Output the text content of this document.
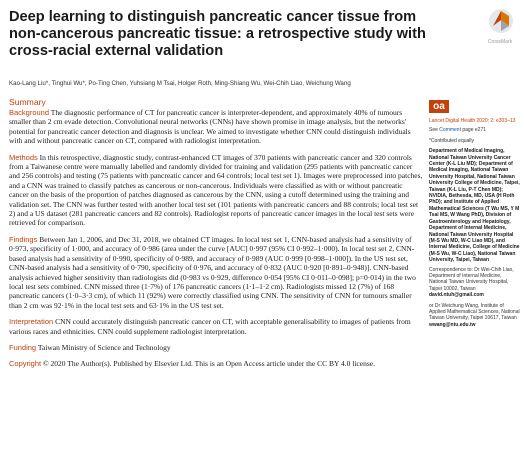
Deep learning to distinguish pancreatic cancer tissue from non-cancerous pancreatic tissue: a retrospective study with cross-racial external validation
CrossMark
Kao-Lang Liu*, Tinghui Wu*, Po-Ting Chen, Yuhsiang M Tsai, Holger Roth, Ming-Shiang Wu, Wei-Chih Liao, Weichung Wang
Summary

Background The diagnostic performance of CT for pancreatic cancer is interpreter-dependent, and approximately 40% of tumours smaller than 2 cm evade detection. Convolutional neural networks (CNNs) have shown promise in image analysis, but the networks' potential for pancreatic cancer detection and diagnosis is unclear. We aimed to investigate whether CNN could distinguish individuals with and without pancreatic cancer on CT, compared with radiologist interpretation.

Methods In this retrospective, diagnostic study, contrast-enhanced CT images of 370 patients with pancreatic cancer and 320 controls from a Taiwanese centre were manually labelled and randomly divided for training and validation (295 patients with pancreatic cancer and 256 controls) and testing (75 patients with pancreatic cancer and 64 controls; local test set 1). Images were preprocessed into patches, and a CNN was trained to classify patches as cancerous or non-cancerous. Individuals were classified as with or without pancreatic cancer on the basis of the proportion of patches diagnosed as cancerous by the CNN, using a cutoff determined using the training and validation set. The CNN was further tested with another local test set (101 patients with pancreatic cancers and 88 controls; local test set 2) and a US dataset (281 pancreatic cancers and 82 controls). Radiologist reports of pancreatic cancer images in the local test sets were retrieved for comparison.

Findings Between Jan 1, 2006, and Dec 31, 2018, we obtained CT images. In local test set 1, CNN-based analysis had a sensitivity of 0·973, specificity of 1·000, and accuracy of 0·986 (area under the curve [AUC] 0·997 (95% CI 0·992–1·000). In local test set 2, CNN-based analysis had a sensitivity of 0·990, specificity of 0·989, and accuracy of 0·989 (AUC 0·999 [0·998–1·000]). In the US test set, CNN-based analysis had a sensitivity of 0·790, specificity of 0·976, and accuracy of 0·832 (AUC 0·920 [0·891–0·948)]. CNN-based analysis achieved higher sensitivity than radiologists did (0·983 vs 0·929, difference 0·054 [95% CI 0·011–0·098]; p=0·014) in the two local test sets combined. CNN missed three (1·7%) of 176 pancreatic cancers (1·1–1·2 cm). Radiologists missed 12 (7%) of 168 pancreatic cancers (1·0–3·3 cm), of which 11 (92%) were correctly classified using CNN. The sensitivity of CNN for tumours smaller than 2 cm was 92·1% in the local test sets and 63·1% in the US test set.

Interpretation CNN could accurately distinguish pancreatic cancer on CT, with acceptable generalisability to images of patients from various races and ethnicities. CNN could supplement radiologist interpretation.

Funding Taiwan Ministry of Science and Technology

Copyright © 2020 The Author(s). Published by Elsevier Ltd. This is an Open Access article under the CC BY 4.0 license.

oa

Lancet Digital Health 2020; 2: e303–13

See Comment page e271

*Contributed equally

Department of Medical Imaging, National Taiwan University Cancer Center (K-L Liu MD); Department of Medical Imaging, National Taiwan University Hospital, National Taiwan University College of Medicine, Taipei, Taiwan (K-L Liu, P-T Chen MD); NVIDIA, Bethesda, MD, USA (H Roth PhD); and Institute of Applied Mathematical Sciences (T Wu MS, Y M Tsai MS, W Wang PhD), Division of Gastroenterology and Hepatology, Department of Internal Medicine, National Taiwan University Hospital (M-S Wu MD, W-C Liao MD), and Internal Medicine, College of Medicine (M-S Wu, W-C Liao), National Taiwan University, Taipei, Taiwan

Correspondence to: Dr Wei-Chih Liao, Department of Internal Medicine, National Taiwan University Hospital, Taipei 10002, Taiwan

david.ntuh@gmail.com

or Dr Weichung Wang, Institute of Applied Mathematical Sciences, National Taiwan University, Taipei 10617, Taiwan

wwang@ntu.edu.tw
